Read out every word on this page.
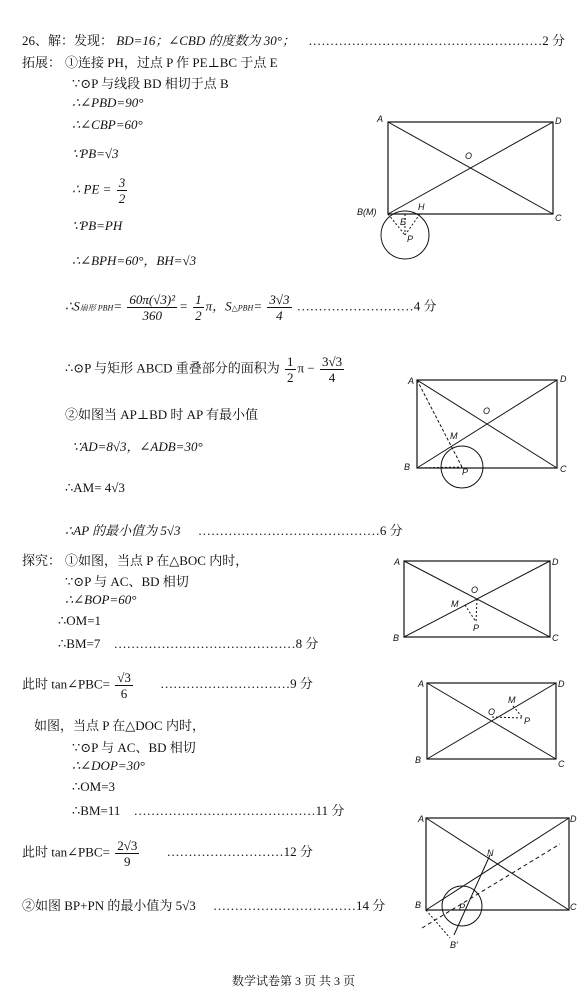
26、解：发现： BD=16；∠CBD 的度数为 30°； ………………………………………………2 分
拓展： ①连接 PH，过点 P 作 PE⊥BC 于点 E
∵⊙P 与线段 BD 相切于点 B
∴∠PBD=90°
∴∠CBP=60°
∵PB=√3
∴ PE = $\frac{3}{2}$
∵PB=PH
∴∠BPH=60°，BH=√3
∴S扇形 $PBH= \frac{\text{60π(√3)²}}{360} = \frac{1}{2}$ π，S△PBH= $\frac{3√3}{4}$ ………………………4 分
∴⊙P 与矩形 ABCD 重叠部分的面积为 $\frac{1}{2}$ $\pi - \frac{3√3}{4}$
②如图当 AP⊥BD 时 AP 有最小值
∵AD=8√3，∠ADB=30°
∴AM= 4√3
∴AP 的最小值为 5√3 ……………………………………6 分
探究： ①如图，当点 P 在△BOC 内时，
∵⊙P 与 AC、BD 相切
∴∠BOP=60°
∴OM=1
∴BM=7 ……………………………………8 分
此时 tan∠PBC= $\frac{√3}{6}$ …………………………9 分
如图，当点 P 在△DOC 内时，
∵⊙P 与 AC、BD 相切
∴∠DOP=30°
∴OM=3
∴BM=11 ……………………………………11 分
此时 tan∠PBC= $\frac{2√3}{9}$ ………………………12 分
②如图 BP+PN 的最小值为 5√3 ……………………………14 分
A	D
O
B(M)	H
E
P
C
A	D
O
M
B	P	C
A	D
O
M
B
P
C
A	D
M
O
P
B	C
A	D
N
P
B	C
B′
数学试卷第 3 页 共 3 页
